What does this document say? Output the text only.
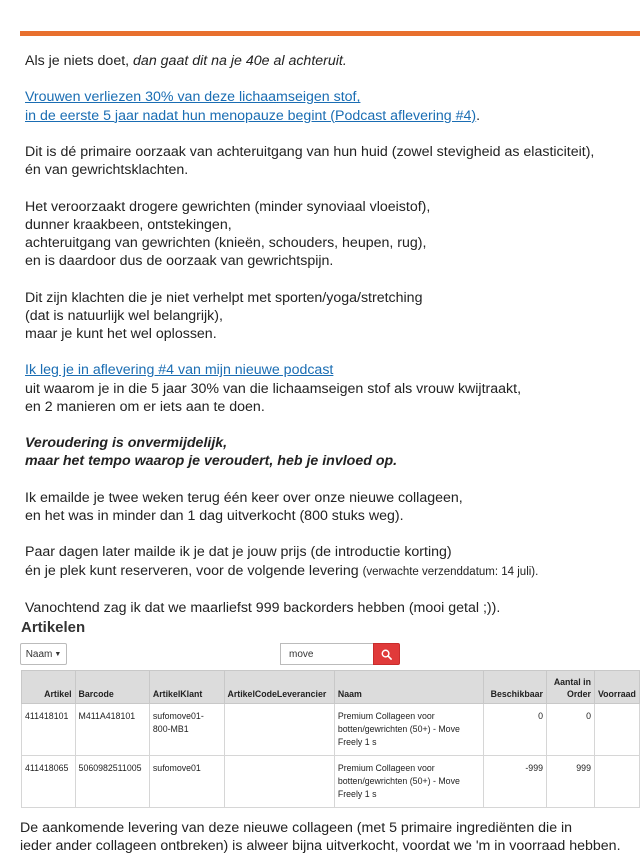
Als je niets doet, dan gaat dit na je 40e al achteruit.

Vrouwen verliezen 30% van deze lichaamseigen stof,
in de eerste 5 jaar nadat hun menopauze begint (Podcast aflevering #4).

Dit is dé primaire oorzaak van achteruitgang van hun huid (zowel stevigheid as elasticiteit),
én van gewrichtsklachten.

Het veroorzaakt drogere gewrichten (minder synoviaal vloeistof),
dunner kraakbeen, ontstekingen,
achteruitgang van gewrichten (knieën, schouders, heupen, rug),
en is daardoor dus de oorzaak van gewrichtspijn.

Dit zijn klachten die je niet verhelpt met sporten/yoga/stretching
(dat is natuurlijk wel belangrijk),
maar je kunt het wel oplossen.

Ik leg je in aflevering #4 van mijn nieuwe podcast
uit waarom je in die 5 jaar 30% van die lichaamseigen stof als vrouw kwijtraakt,
en 2 manieren om er iets aan te doen.

Veroudering is onvermijdelijk,
maar het tempo waarop je veroudert, heb je invloed op.

Ik emailde je twee weken terug één keer over onze nieuwe collageen,
en het was in minder dan 1 dag uitverkocht (800 stuks weg).

Paar dagen later mailde ik je dat je jouw prijs (de introductie korting)
én je plek kunt reserveren, voor de volgende levering (verwachte verzenddatum: 14 juli).

Vanochtend zag ik dat we maarliefst 999 backorders hebben (mooi getal ;)).

Artikelen
Naam ▼
move
Artikel	Barcode	ArtikelKlant	ArtikelCodeLeverancier	Naam	Beschikbaar	Aantal in Order	Voorraad
411418101	M411A418101	sufomove01-800-MB1		Premium Collageen voor botten/gewrichten (50+) - Move Freely 1 s	0	0	
411418065	5060982511005	sufomove01		Premium Collageen voor botten/gewrichten (50+) - Move Freely 1 s	-999	999	
De aankomende levering van deze nieuwe collageen (met 5 primaire ingrediënten die in
ieder ander collageen ontbreken) is alweer bijna uitverkocht, voordat we 'm in voorraad hebben.
